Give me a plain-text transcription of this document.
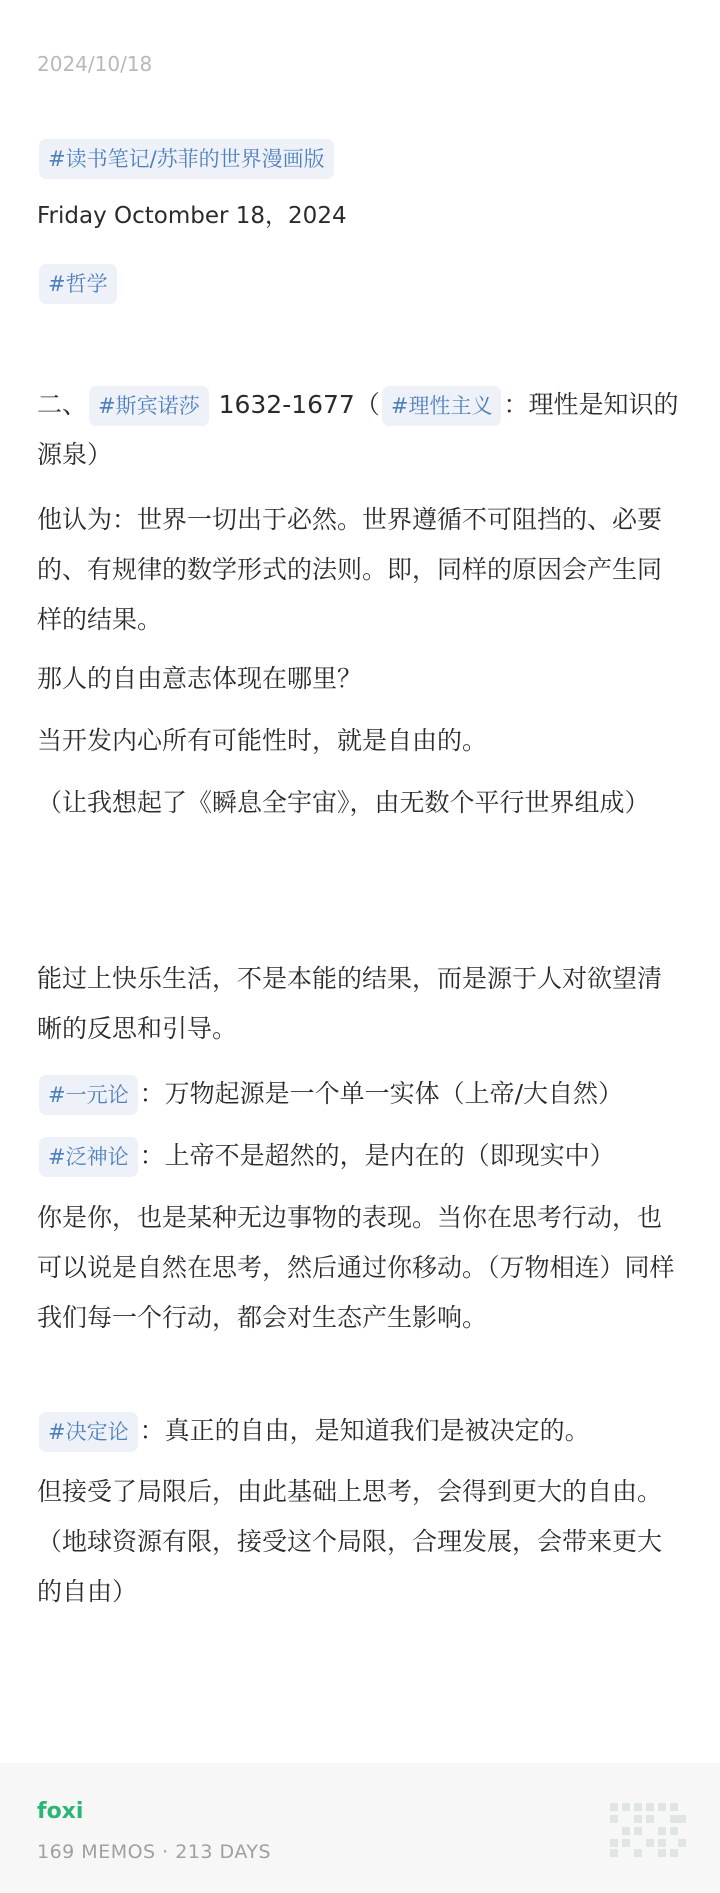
2024/10/18
#读书笔记/苏菲的世界漫画版
Friday Octomber 18，2024
#哲学
二、 #斯宾诺莎 1632-1677（ #理性主义 ：理性是知识的源泉）
他认为：世界一切出于必然。世界遵循不可阻挡的、必要的、有规律的数学形式的法则。即，同样的原因会产生同样的结果。
那人的自由意志体现在哪里？
当开发内心所有可能性时，就是自由的。
（让我想起了《瞬息全宇宙》，由无数个平行世界组成）
能过上快乐生活，不是本能的结果，而是源于人对欲望清晰的反思和引导。
#一元论 ：万物起源是一个单一实体（上帝/大自然）
#泛神论 ：上帝不是超然的，是内在的（即现实中）
你是你，也是某种无边事物的表现。当你在思考行动，也可以说是自然在思考，然后通过你移动。（万物相连）同样我们每一个行动，都会对生态产生影响。
#决定论 ：真正的自由，是知道我们是被决定的。
但接受了局限后，由此基础上思考，会得到更大的自由。（地球资源有限，接受这个局限，合理发展，会带来更大的自由）
foxi
169 MEMOS · 213 DAYS
